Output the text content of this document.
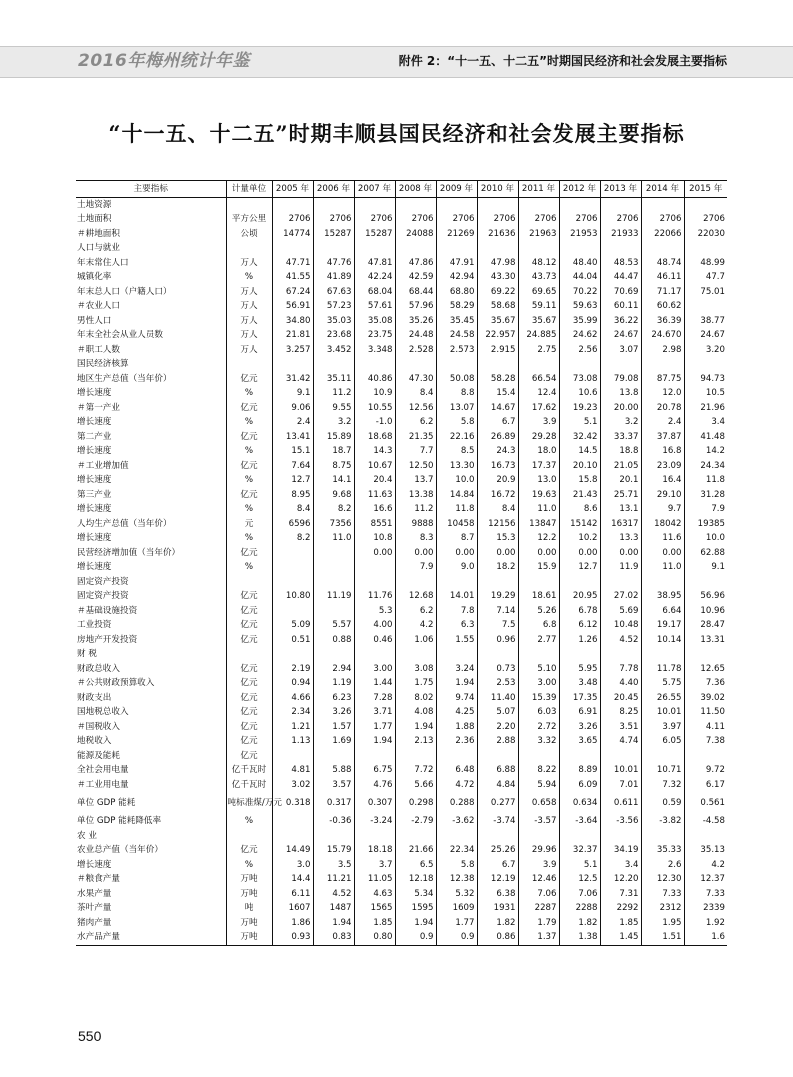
2016年梅州统计年鉴	附件 2：“十一五、十二五”时期国民经济和社会发展主要指标
“十一五、十二五”时期丰顺县国民经济和社会发展主要指标
主要指标	计量单位	2005 年	2006 年	2007 年	2008 年	2009 年	2010 年	2011 年	2012 年	2013 年	2014 年	2015 年
土地资源												
土地面积	平方公里	2706	2706	2706	2706	2706	2706	2706	2706	2706	2706	2706
＃耕地面积	公顷	14774	15287	15287	24088	21269	21636	21963	21953	21933	22066	22030
人口与就业												
年末常住人口	万人	47.71	47.76	47.81	47.86	47.91	47.98	48.12	48.40	48.53	48.74	48.99
城镇化率	%	41.55	41.89	42.24	42.59	42.94	43.30	43.73	44.04	44.47	46.11	47.7
年末总人口（户籍人口）	万人	67.24	67.63	68.04	68.44	68.80	69.22	69.65	70.22	70.69	71.17	75.01
＃农业人口	万人	56.91	57.23	57.61	57.96	58.29	58.68	59.11	59.63	60.11	60.62	
男性人口	万人	34.80	35.03	35.08	35.26	35.45	35.67	35.67	35.99	36.22	36.39	38.77
年末全社会从业人员数	万人	21.81	23.68	23.75	24.48	24.58	22.957	24.885	24.62	24.67	24.670	24.67
＃职工人数	万人	3.257	3.452	3.348	2.528	2.573	2.915	2.75	2.56	3.07	2.98	3.20
国民经济核算												
地区生产总值（当年价）	亿元	31.42	35.11	40.86	47.30	50.08	58.28	66.54	73.08	79.08	87.75	94.73
增长速度	%	9.1	11.2	10.9	8.4	8.8	15.4	12.4	10.6	13.8	12.0	10.5
＃第一产业	亿元	9.06	9.55	10.55	12.56	13.07	14.67	17.62	19.23	20.00	20.78	21.96
增长速度	%	2.4	3.2	-1.0	6.2	5.8	6.7	3.9	5.1	3.2	2.4	3.4
第二产业	亿元	13.41	15.89	18.68	21.35	22.16	26.89	29.28	32.42	33.37	37.87	41.48
增长速度	%	15.1	18.7	14.3	7.7	8.5	24.3	18.0	14.5	18.8	16.8	14.2
＃工业增加值	亿元	7.64	8.75	10.67	12.50	13.30	16.73	17.37	20.10	21.05	23.09	24.34
增长速度	%	12.7	14.1	20.4	13.7	10.0	20.9	13.0	15.8	20.1	16.4	11.8
第三产业	亿元	8.95	9.68	11.63	13.38	14.84	16.72	19.63	21.43	25.71	29.10	31.28
增长速度	%	8.4	8.2	16.6	11.2	11.8	8.4	11.0	8.6	13.1	9.7	7.9
人均生产总值（当年价）	元	6596	7356	8551	9888	10458	12156	13847	15142	16317	18042	19385
增长速度	%	8.2	11.0	10.8	8.3	8.7	15.3	12.2	10.2	13.3	11.6	10.0
民营经济增加值（当年价）	亿元			0.00	0.00	0.00	0.00	0.00	0.00	0.00	0.00	62.88
增长速度	%				7.9	9.0	18.2	15.9	12.7	11.9	11.0	9.1
固定资产投资												
固定资产投资	亿元	10.80	11.19	11.76	12.68	14.01	19.29	18.61	20.95	27.02	38.95	56.96
＃基础设施投资	亿元			5.3	6.2	7.8	7.14	5.26	6.78	5.69	6.64	10.96
工业投资	亿元	5.09	5.57	4.00	4.2	6.3	7.5	6.8	6.12	10.48	19.17	28.47
房地产开发投资	亿元	0.51	0.88	0.46	1.06	1.55	0.96	2.77	1.26	4.52	10.14	13.31
财 税												
财政总收入	亿元	2.19	2.94	3.00	3.08	3.24	0.73	5.10	5.95	7.78	11.78	12.65
＃公共财政预算收入	亿元	0.94	1.19	1.44	1.75	1.94	2.53	3.00	3.48	4.40	5.75	7.36
财政支出	亿元	4.66	6.23	7.28	8.02	9.74	11.40	15.39	17.35	20.45	26.55	39.02
国地税总收入	亿元	2.34	3.26	3.71	4.08	4.25	5.07	6.03	6.91	8.25	10.01	11.50
＃国税收入	亿元	1.21	1.57	1.77	1.94	1.88	2.20	2.72	3.26	3.51	3.97	4.11
地税收入	亿元	1.13	1.69	1.94	2.13	2.36	2.88	3.32	3.65	4.74	6.05	7.38
能源及能耗	亿元											
全社会用电量	亿千瓦时	4.81	5.88	6.75	7.72	6.48	6.88	8.22	8.89	10.01	10.71	9.72
＃工业用电量	亿千瓦时	3.02	3.57	4.76	5.66	4.72	4.84	5.94	6.09	7.01	7.32	6.17
单位 GDP 能耗	吨标准煤/万元	0.318	0.317	0.307	0.298	0.288	0.277	0.658	0.634	0.611	0.59	0.561
单位 GDP 能耗降低率	%		-0.36	-3.24	-2.79	-3.62	-3.74	-3.57	-3.64	-3.56	-3.82	-4.58
农 业												
农业总产值（当年价）	亿元	14.49	15.79	18.18	21.66	22.34	25.26	29.96	32.37	34.19	35.33	35.13
增长速度	%	3.0	3.5	3.7	6.5	5.8	6.7	3.9	5.1	3.4	2.6	4.2
＃粮食产量	万吨	14.4	11.21	11.05	12.18	12.38	12.19	12.46	12.5	12.20	12.30	12.37
水果产量	万吨	6.11	4.52	4.63	5.34	5.32	6.38	7.06	7.06	7.31	7.33	7.33
茶叶产量	吨	1607	1487	1565	1595	1609	1931	2287	2288	2292	2312	2339
猪肉产量	万吨	1.86	1.94	1.85	1.94	1.77	1.82	1.79	1.82	1.85	1.95	1.92
水产品产量	万吨	0.93	0.83	0.80	0.9	0.9	0.86	1.37	1.38	1.45	1.51	1.6
550
